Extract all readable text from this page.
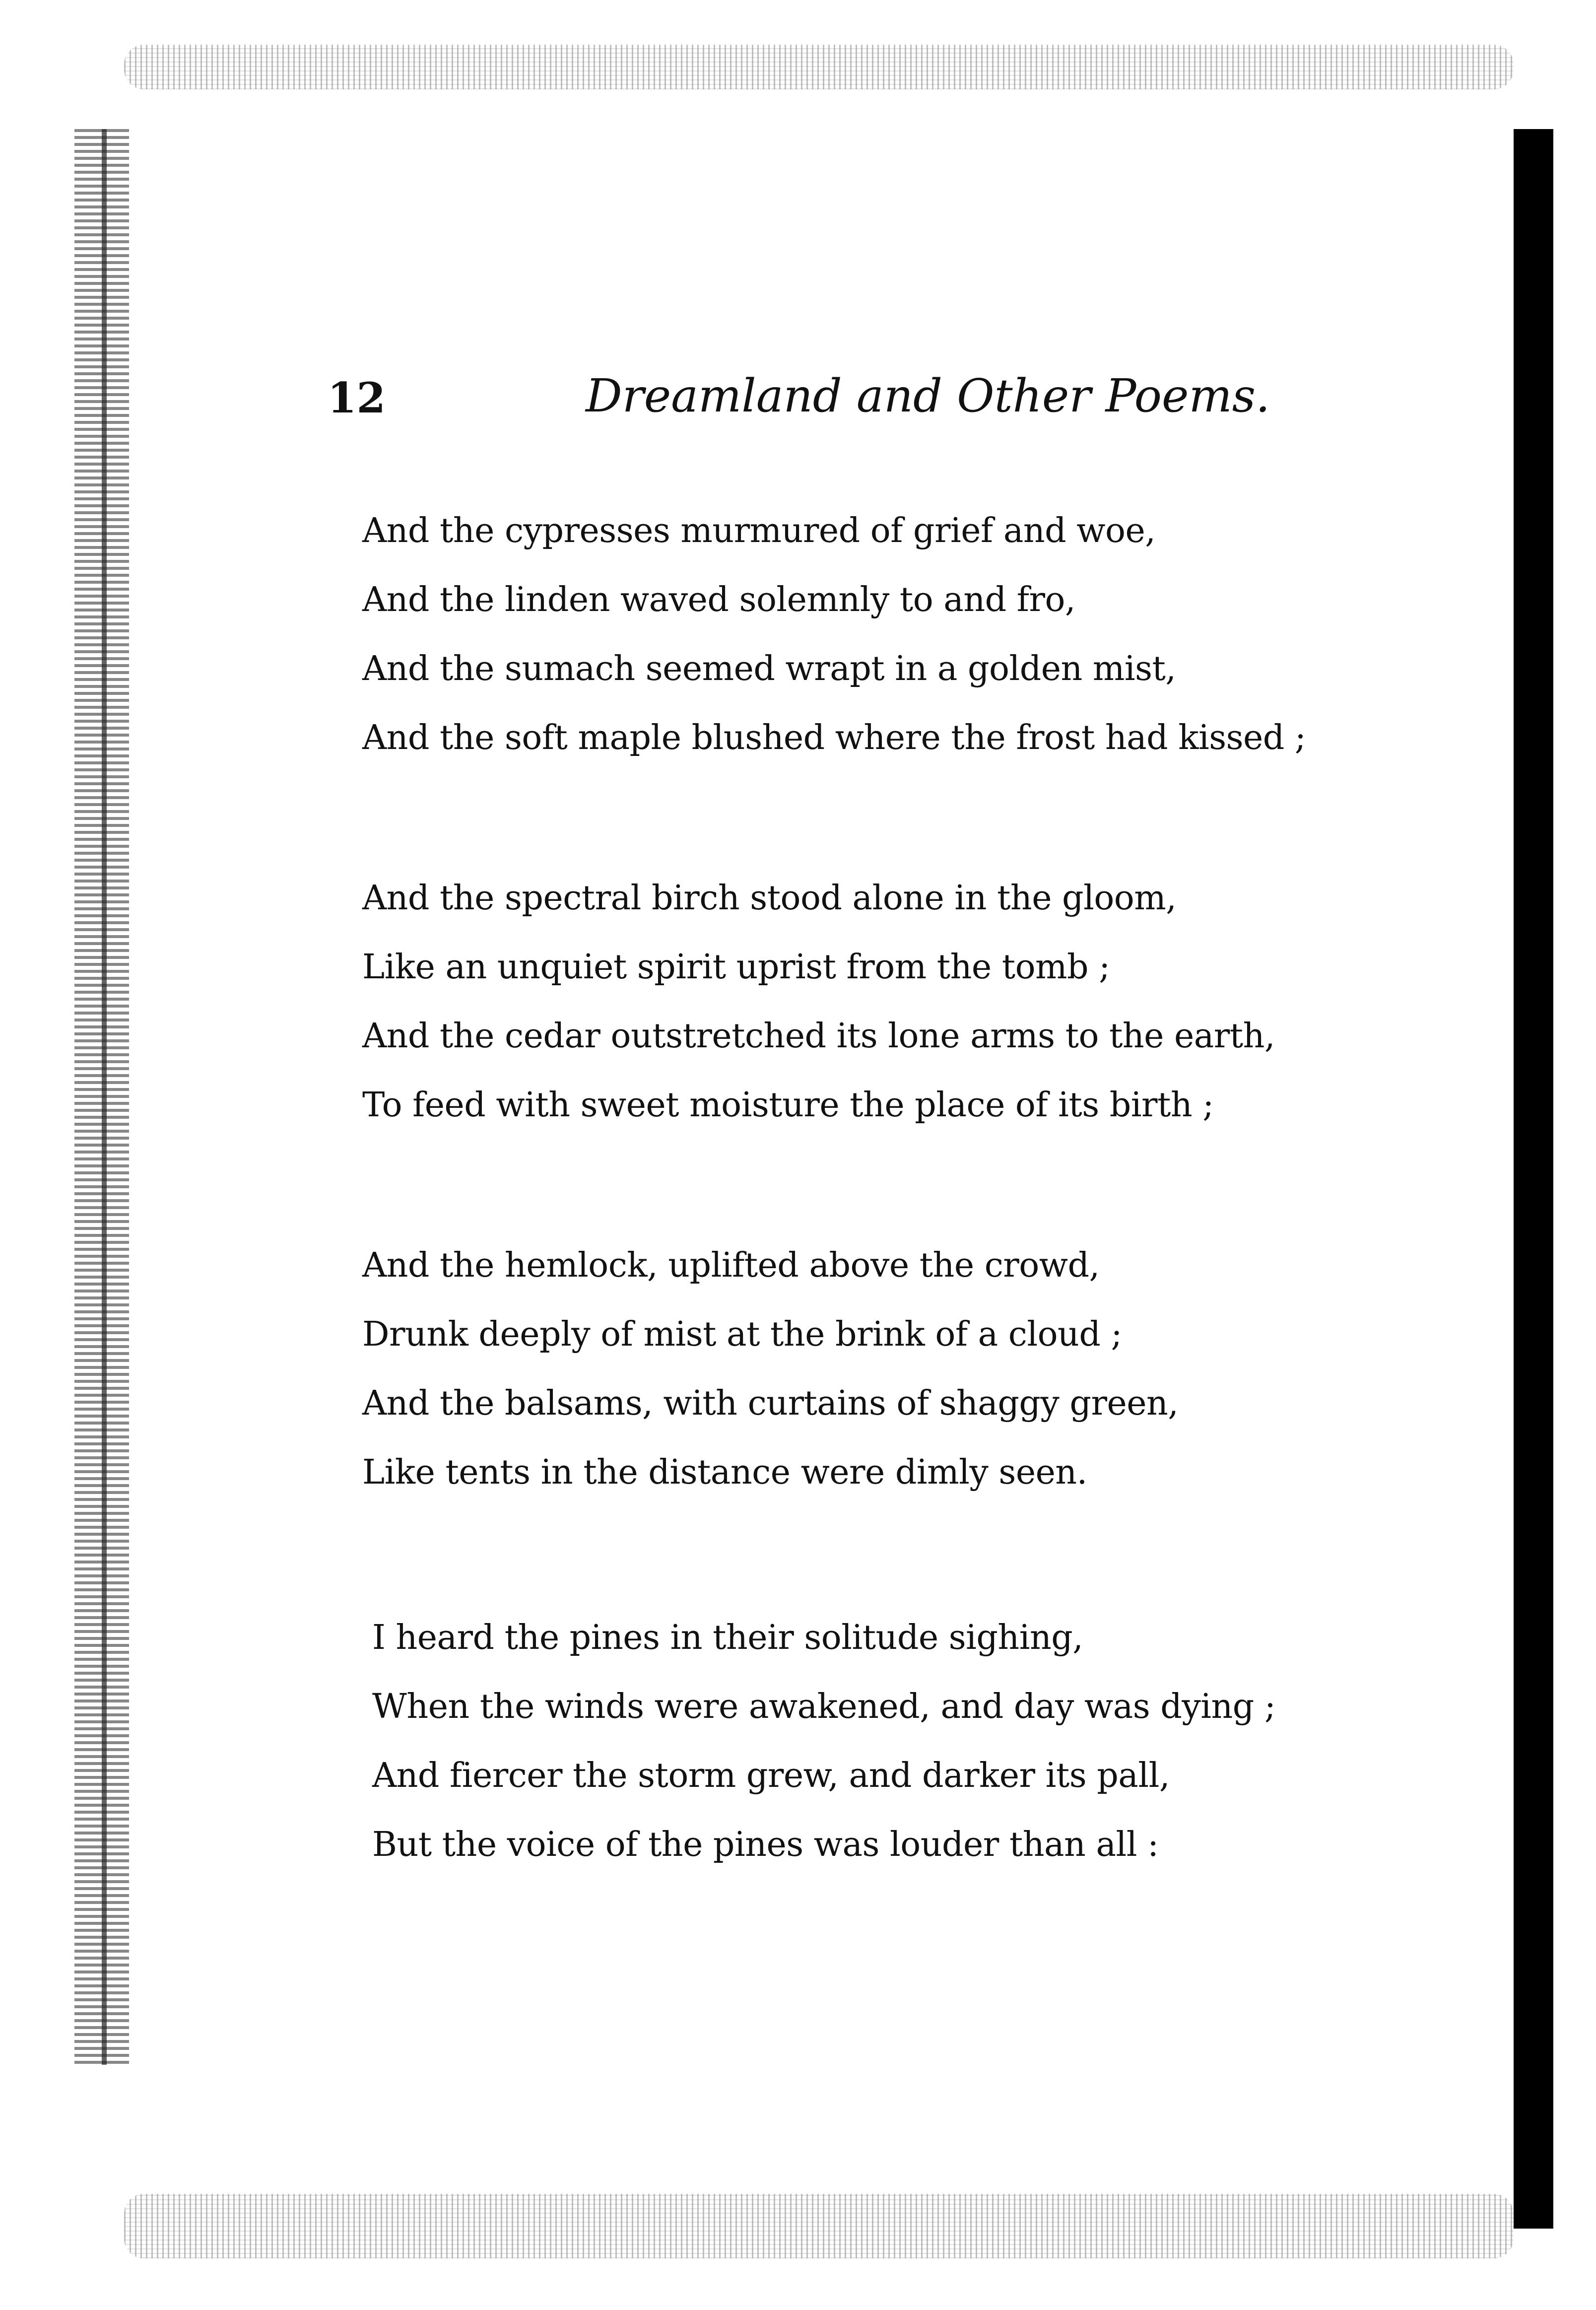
12	Dreamland and Other Poems.
And the cypresses murmured of grief and woe,
And the linden waved solemnly to and fro,
And the sumach seemed wrapt in a golden mist,
And the soft maple blushed where the frost had kissed ;
And the spectral birch stood alone in the gloom,
Like an unquiet spirit uprist from the tomb ;
And the cedar outstretched its lone arms to the earth,
To feed with sweet moisture the place of its birth ;
And the hemlock, uplifted above the crowd,
Drunk deeply of mist at the brink of a cloud ;
And the balsams, with curtains of shaggy green,
Like tents in the distance were dimly seen.
I heard the pines in their solitude sighing,
When the winds were awakened, and day was dying ;
And fiercer the storm grew, and darker its pall,
But the voice of the pines was louder than all :
